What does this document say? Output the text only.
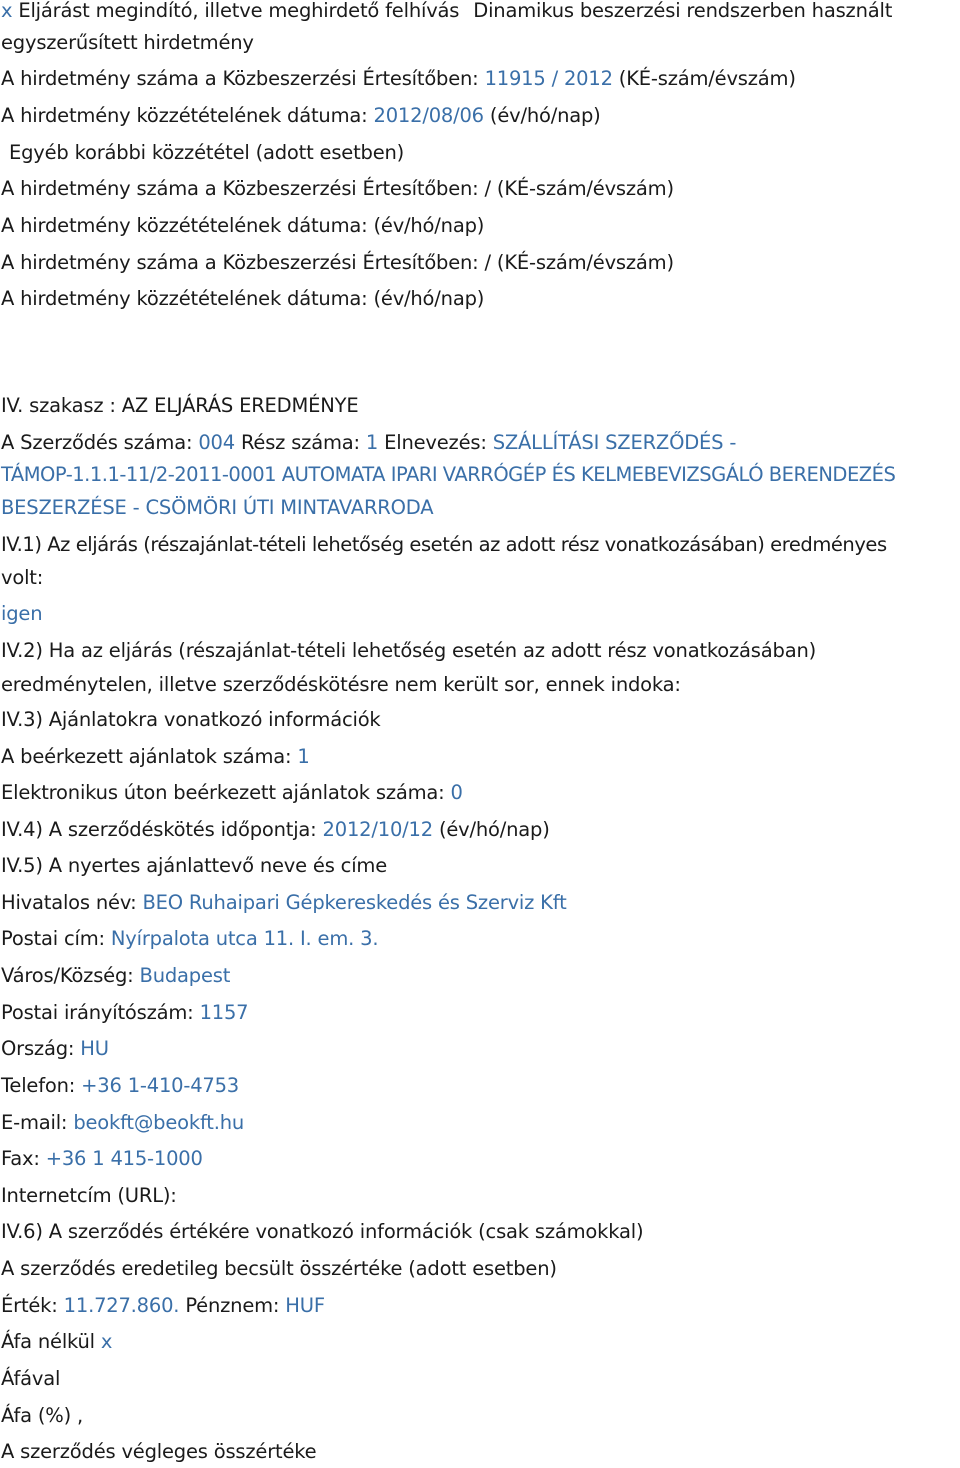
x Eljárást megindító, illetve meghirdető felhívás Dinamikus beszerzési rendszerben használt
egyszerűsített hirdetmény
A hirdetmény száma a Közbeszerzési Értesítőben: 11915 / 2012 (KÉ-szám/évszám)
A hirdetmény közzétételének dátuma: 2012/08/06 (év/hó/nap)
Egyéb korábbi közzététel (adott esetben)
A hirdetmény száma a Közbeszerzési Értesítőben: / (KÉ-szám/évszám)
A hirdetmény közzétételének dátuma: (év/hó/nap)
A hirdetmény száma a Közbeszerzési Értesítőben: / (KÉ-szám/évszám)
A hirdetmény közzétételének dátuma: (év/hó/nap)
IV. szakasz : AZ ELJÁRÁS EREDMÉNYE
A Szerződés száma: 004 Rész száma: 1 Elnevezés: SZÁLLÍTÁSI SZERZŐDÉS -
TÁMOP-1.1.1-11/2-2011-0001 AUTOMATA IPARI VARRÓGÉP ÉS KELMEBEVIZSGÁLÓ BERENDEZÉS
BESZERZÉSE - CSÖMÖRI ÚTI MINTAVARRODA
IV.1) Az eljárás (részajánlat-tételi lehetőség esetén az adott rész vonatkozásában) eredményes
volt:
igen
IV.2) Ha az eljárás (részajánlat-tételi lehetőség esetén az adott rész vonatkozásában)
eredménytelen, illetve szerződéskötésre nem került sor, ennek indoka:
IV.3) Ajánlatokra vonatkozó információk
A beérkezett ajánlatok száma: 1
Elektronikus úton beérkezett ajánlatok száma: 0
IV.4) A szerződéskötés időpontja: 2012/10/12 (év/hó/nap)
IV.5) A nyertes ajánlattevő neve és címe
Hivatalos név: BEO Ruhaipari Gépkereskedés és Szerviz Kft
Postai cím: Nyírpalota utca 11. I. em. 3.
Város/Község: Budapest
Postai irányítószám: 1157
Ország: HU
Telefon: +36 1-410-4753
E-mail: beokft@beokft.hu
Fax: +36 1 415-1000
Internetcím (URL):
IV.6) A szerződés értékére vonatkozó információk (csak számokkal)
A szerződés eredetileg becsült összértéke (adott esetben)
Érték: 11.727.860. Pénznem: HUF
Áfa nélkül x
Áfával
Áfa (%) ,
A szerződés végleges összértéke
